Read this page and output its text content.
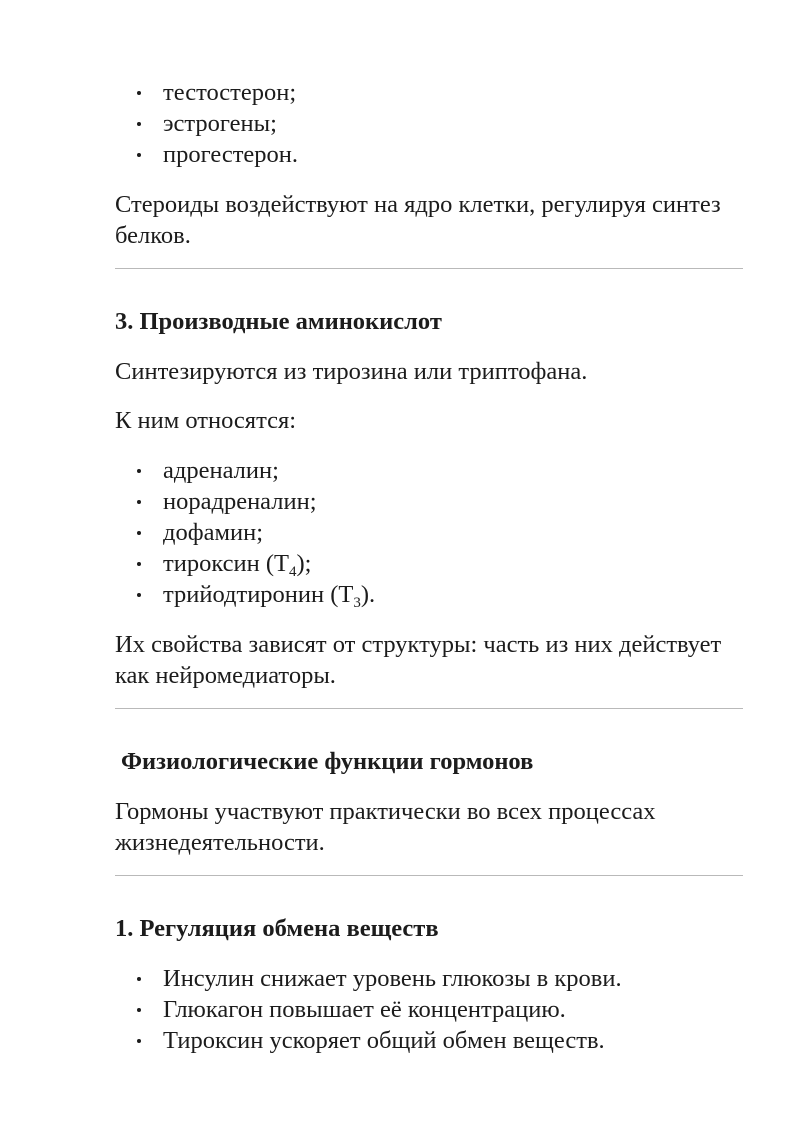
тестостерон;
эстрогены;
прогестерон.

Стероиды воздействуют на ядро клетки, регулируя синтез белков.

3. Производные аминокислот

Синтезируются из тирозина или триптофана.

К ним относятся:

адреналин;
норадреналин;
дофамин;
тироксин $(Т_4)$;
трийодтиронин $(Т_3)$.

Их свойства зависят от структуры: часть из них действует как нейромедиаторы.

Физиологические функции гормонов

Гормоны участвуют практически во всех процессах жизнедеятельности.

1. Регуляция обмена веществ
Инсулин снижает уровень глюкозы в крови.
Глюкагон повышает её концентрацию.
Тироксин ускоряет общий обмен веществ.
